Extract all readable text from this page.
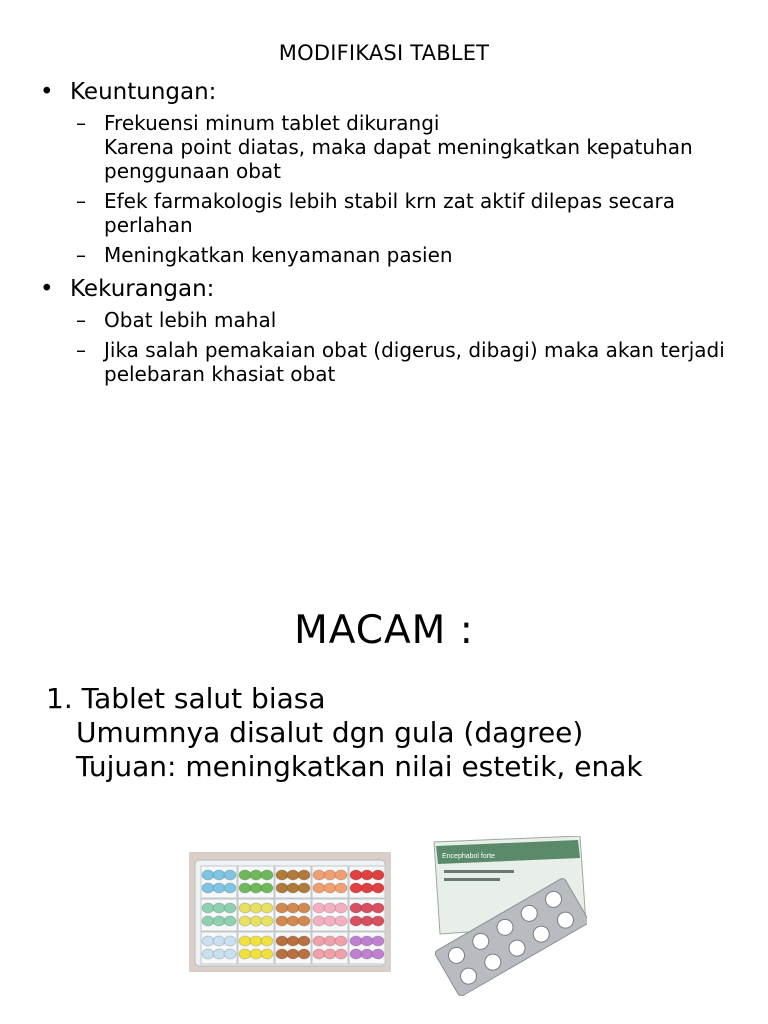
MODIFIKASI TABLET
• Keuntungan:
– Frekuensi minum tablet dikurangi
Karena point diatas, maka dapat meningkatkan kepatuhan
penggunaan obat
– Efek farmakologis lebih stabil krn zat aktif dilepas secara
perlahan
– Meningkatkan kenyamanan pasien
• Kekurangan:
– Obat lebih mahal
– Jika salah pemakaian obat (digerus, dibagi) maka akan terjadi
pelebaran khasiat obat
MACAM :
1. Tablet salut biasa
Umumnya disalut dgn gula (dagree)
Tujuan: meningkatkan nilai estetik, enak
Encephabol forte
